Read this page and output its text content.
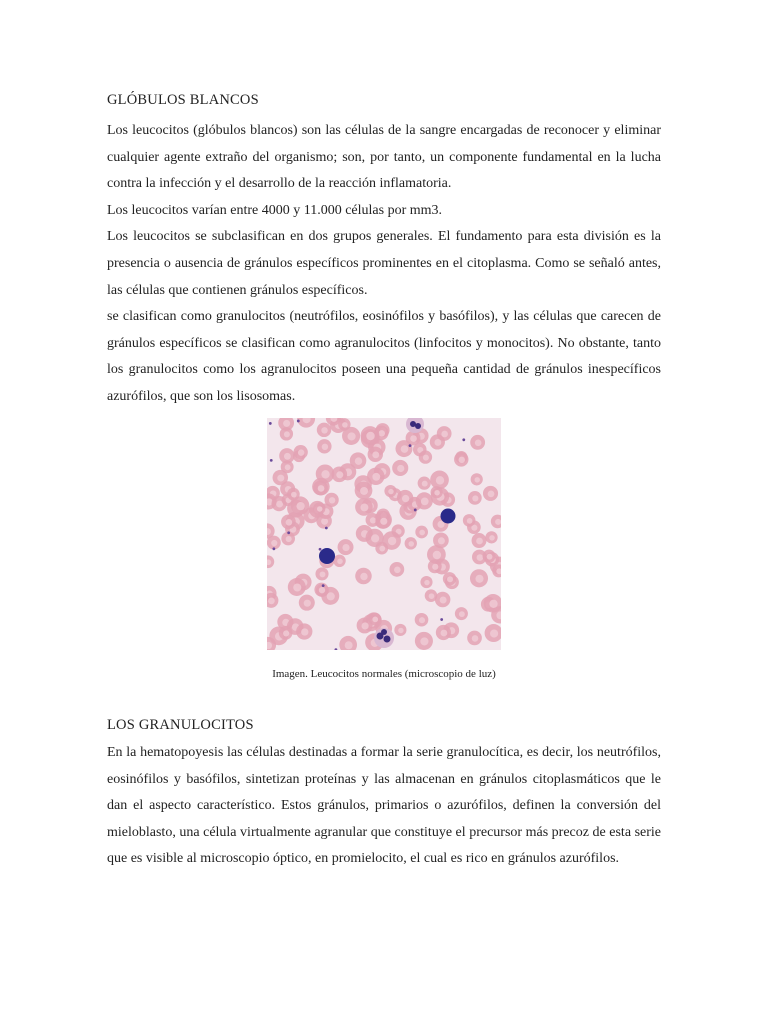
GLÓBULOS BLANCOS

Los leucocitos (glóbulos blancos) son las células de la sangre encargadas de reconocer y eliminar cualquier agente extraño del organismo; son, por tanto, un componente fundamental en la lucha contra la infección y el desarrollo de la reacción inflamatoria.

Los leucocitos varían entre 4000 y 11.000 células por mm3.

Los leucocitos se subclasifican en dos grupos generales. El fundamento para esta división es la presencia o ausencia de gránulos específicos prominentes en el citoplasma. Como se señaló antes, las células que contienen gránulos específicos.

se clasifican como granulocitos (neutrófilos, eosinófilos y basófilos), y las células que carecen de gránulos específicos se clasifican como agranulocitos (linfocitos y monocitos). No obstante, tanto los granulocitos como los agranulocitos poseen una pequeña cantidad de gránulos inespecíficos azurófilos, que son los lisosomas.

Imagen. Leucocitos normales (microscopio de luz)
LOS GRANULOCITOS

En la hematopoyesis las células destinadas a formar la serie granulocítica, es decir, los neutrófilos, eosinófilos y basófilos, sintetizan proteínas y las almacenan en gránulos citoplasmáticos que le dan el aspecto característico. Estos gránulos, primarios o azurófilos, definen la conversión del mieloblasto, una célula virtualmente agranular que constituye el precursor más precoz de esta serie que es visible al microscopio óptico, en promielocito, el cual es rico en gránulos azurófilos.
